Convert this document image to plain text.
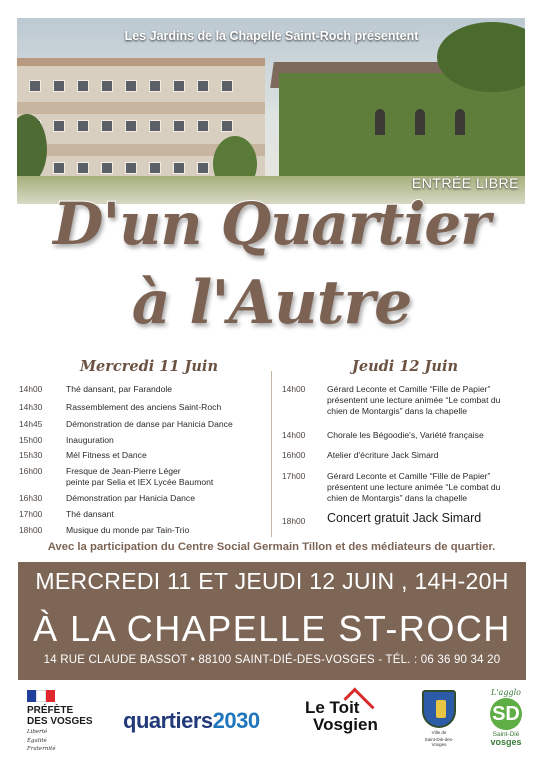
Les Jardins de la Chapelle Saint-Roch présentent
ENTRÉE LIBRE
D'un Quartier
à l'Autre
Mercredi 11 Juin
14h00	Thé dansant, par Farandole
14h30	Rassemblement des anciens Saint-Roch
14h45	Démonstration de danse par Hanicia Dance
15h00	Inauguration
15h30	Mél Fitness et Dance
16h00	Fresque de Jean-Pierre Léger
peinte par Selia et IEX Lycée Baumont
16h30	Démonstration par Hanicia Dance
17h00	Thé dansant
18h00	Musique du monde par Tain-Trio
Jeudi 12 Juin
14h00	Gérard Leconte et Camille “Fille de Papier”
présentent une lecture animée “Le combat du
chien de Montargis” dans la chapelle
14h00	Chorale les Bégoodie's, Variété française
16h00	Atelier d'écriture Jack Simard
17h00	Gérard Leconte et Camille “Fille de Papier”
présentent une lecture animée “Le combat du
chien de Montargis” dans la chapelle
18h00 Concert gratuit Jack Simard
Avec la participation du Centre Social Germain Tillon et des médiateurs de quartier.
MERCREDI 11 ET JEUDI 12 JUIN , 14H-20H
À LA CHAPELLE ST-ROCH
14 RUE CLAUDE BASSOT • 88100 SAINT-DIÉ-DES-VOSGES - TÉL. : 06 36 90 34 20
PRÉFÈTE
DES VOSGES
Liberté
Égalité
Fraternité
quartiers2030
Le Toit
Vosgien	Ville de
Saint-Dié-des-Vosges
L'agglo
SD
Saint-Dié
vosges
